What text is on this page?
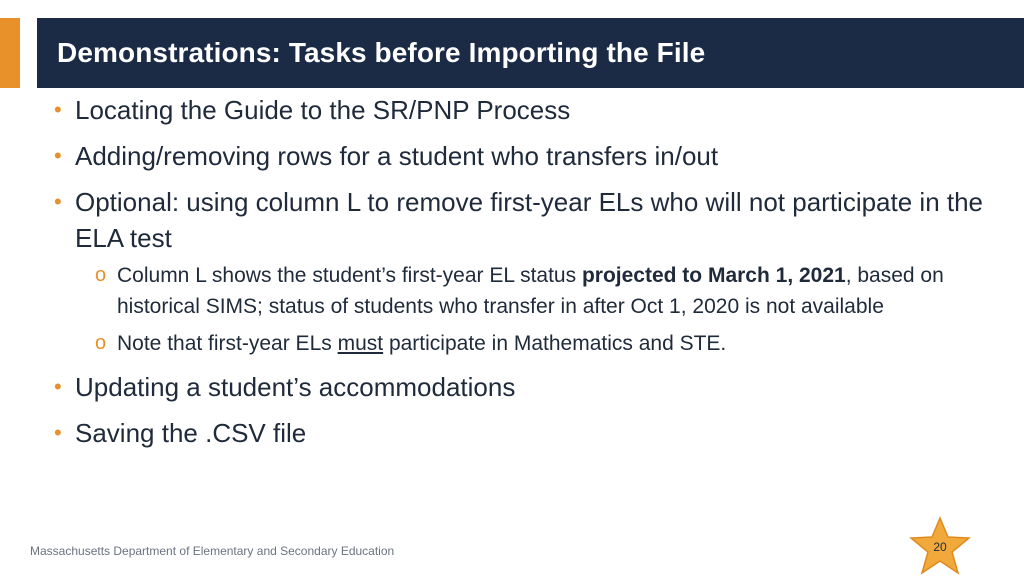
Demonstrations: Tasks before Importing the File
• Locating the Guide to the SR/PNP Process
• Adding/removing rows for a student who transfers in/out
• Optional: using column L to remove first-year ELs who will not participate in the ELA test
o Column L shows the student’s first-year EL status projected to March 1, 2021, based on historical SIMS; status of students who transfer in after Oct 1, 2020 is not available
o Note that first-year ELs must participate in Mathematics and STE.
• Updating a student’s accommodations
• Saving the .CSV file
Massachusetts Department of Elementary and Secondary Education	20
